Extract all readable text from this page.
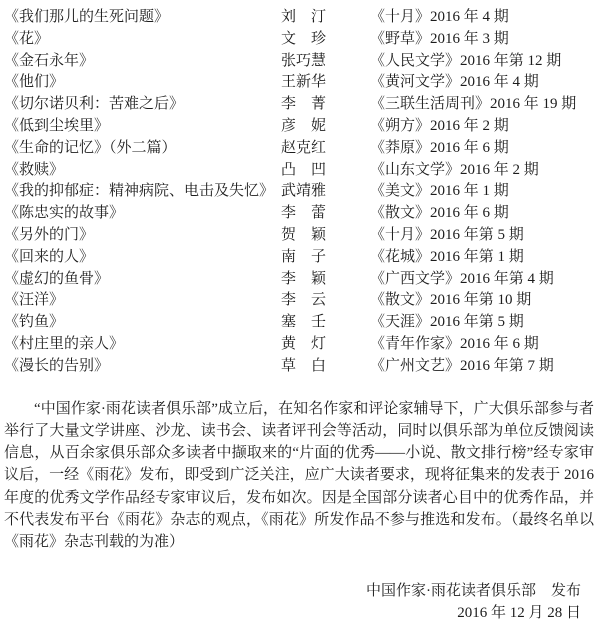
《我们那儿的生死问题》	刘　汀	《十月》2016 年 4 期
《花》	文　珍	《野草》2016 年 3 期
《金石永年》	张巧慧	《人民文学》2016 年第 12 期
《他们》	王新华	《黄河文学》2016 年 4 期
《切尔诺贝利：苦难之后》	李　菁	《三联生活周刊》2016 年 19 期
《低到尘埃里》	彦　妮	《朔方》2016 年 2 期
《生命的记忆》（外二篇）	赵克红	《莽原》2016 年 6 期
《救赎》	凸　凹	《山东文学》2016 年 2 期
《我的抑郁症：精神病院、电击及失忆》 武靖雅	《美文》2016 年 1 期
《陈忠实的故事》	李　蕾	《散文》2016 年 6 期
《另外的门》	贺　颖	《十月》2016 年第 5 期
《回来的人》	南　子	《花城》2016 年第 1 期
《虚幻的鱼骨》	李　颖	《广西文学》2016 年第 4 期
《汪洋》	李　云	《散文》2016 年第 10 期
《钓鱼》	塞　壬	《天涯》2016 年第 5 期
《村庄里的亲人》	黄　灯	《青年作家》2016 年 6 期
《漫长的告别》	草　白	《广州文艺》2016 年第 7 期

“中国作家·雨花读者俱乐部”成立后，在知名作家和评论家辅导下，广大俱乐部参与者举行了大量文学讲座、沙龙、读书会、读者评刊会等活动，同时以俱乐部为单位反馈阅读信息，从百余家俱乐部众多读者中撷取来的“片面的优秀——小说、散文排行榜”经专家审议后，一经《雨花》发布，即受到广泛关注，应广大读者要求，现将征集来的发表于 2016 年度的优秀文学作品经专家审议后，发布如次。因是全国部分读者心目中的优秀作品，并不代表发布平台《雨花》杂志的观点，《雨花》所发作品不参与推选和发布。（最终名单以《雨花》杂志刊载的为准）

中国作家·雨花读者俱乐部　发布
2016 年 12 月 28 日
